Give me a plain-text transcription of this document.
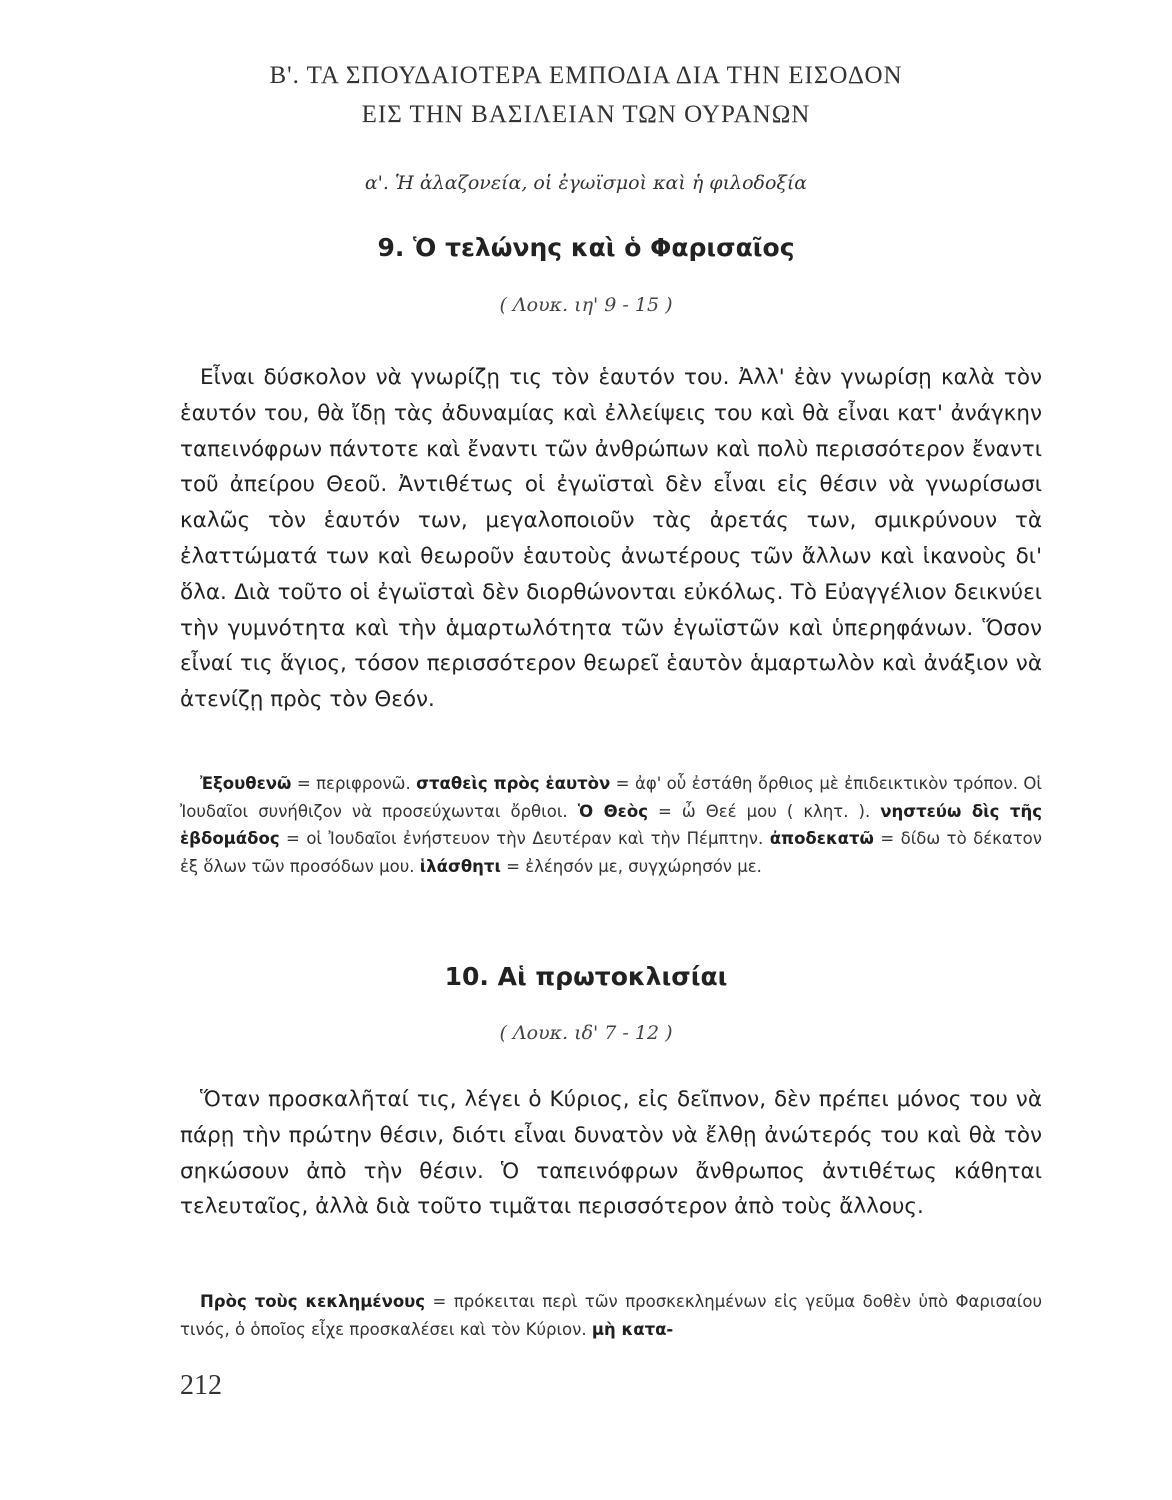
Β'. ΤΑ ΣΠΟΥΔΑΙΟΤΕΡΑ ΕΜΠΟΔΙΑ ΔΙΑ ΤΗΝ ΕΙΣΟΔΟΝ
ΕΙΣ ΤΗΝ ΒΑΣΙΛΕΙΑΝ ΤΩΝ ΟΥΡΑΝΩΝ
α'. Ἡ ἀλαζονεία, οἱ ἐγωϊσμοὶ καὶ ἡ φιλοδοξία
9. Ὁ τελώνης καὶ ὁ Φαρισαῖος
( Λουκ. ιη' 9 - 15 )

Εἶναι δύσκολον νὰ γνωρίζῃ τις τὸν ἑαυτόν του. Ἀλλ' ἐὰν γνωρίσῃ καλὰ τὸν ἑαυτόν του, θὰ ἴδῃ τὰς ἀδυναμίας καὶ ἐλλείψεις του καὶ θὰ εἶναι κατ' ἀνάγκην ταπεινόφρων πάντοτε καὶ ἔναντι τῶν ἀνθρώπων καὶ πολὺ περισσότερον ἔναντι τοῦ ἀπείρου Θεοῦ. Ἀντιθέτως οἱ ἐγωϊσταὶ δὲν εἶναι εἰς θέσιν νὰ γνωρίσωσι καλῶς τὸν ἑαυτόν των, μεγαλοποιοῦν τὰς ἀρετάς των, σμικρύνουν τὰ ἐλαττώματά των καὶ θεωροῦν ἑαυτοὺς ἀνωτέρους τῶν ἄλλων καὶ ἱκανοὺς δι' ὅλα. Διὰ τοῦτο οἱ ἐγωϊσταὶ δὲν διορθώνονται εὐκόλως. Τὸ Εὐαγγέλιον δεικνύει τὴν γυμνότητα καὶ τὴν ἁμαρτωλότητα τῶν ἐγωϊστῶν καὶ ὑπερηφάνων. Ὅσον εἶναί τις ἅγιος, τόσον περισσότερον θεωρεῖ ἑαυτὸν ἁμαρτωλὸν καὶ ἀνάξιον νὰ ἀτενίζῃ πρὸς τὸν Θεόν.

Ἐξουθενῶ = περιφρονῶ. σταθεὶς πρὸς ἑαυτὸν = ἀφ' οὗ ἐστάθη ὄρθιος μὲ ἐπιδεικτικὸν τρόπον. Οἱ Ἰουδαῖοι συνήθιζον νὰ προσεύχωνται ὄρθιοι. Ὁ Θεὸς = ὦ Θεέ μου ( κλητ. ). νηστεύω δὶς τῆς ἑβδομάδος = οἱ Ἰουδαῖοι ἐνήστευον τὴν Δευτέραν καὶ τὴν Πέμπτην. ἀποδεκατῶ = δίδω τὸ δέκατον ἐξ ὅλων τῶν προσόδων μου. ἱλάσθητι = ἐλέησόν με, συγχώρησόν με.

10. Αἱ πρωτοκλισίαι
( Λουκ. ιδ' 7 - 12 )

Ὅταν προσκαλῆταί τις, λέγει ὁ Κύριος, εἰς δεῖπνον, δὲν πρέπει μόνος του νὰ πάρῃ τὴν πρώτην θέσιν, διότι εἶναι δυνατὸν νὰ ἔλθῃ ἀνώτερός του καὶ θὰ τὸν σηκώσουν ἀπὸ τὴν θέσιν. Ὁ ταπεινόφρων ἄνθρωπος ἀντιθέτως κάθηται τελευταῖος, ἀλλὰ διὰ τοῦτο τιμᾶται περισσότερον ἀπὸ τοὺς ἄλλους.

Πρὸς τοὺς κεκλημένους = πρόκειται περὶ τῶν προσκεκλημένων εἰς γεῦμα δοθὲν ὑπὸ Φαρισαίου τινός, ὁ ὁποῖος εἶχε προσκαλέσει καὶ τὸν Κύριον. μὴ κατα-

212
